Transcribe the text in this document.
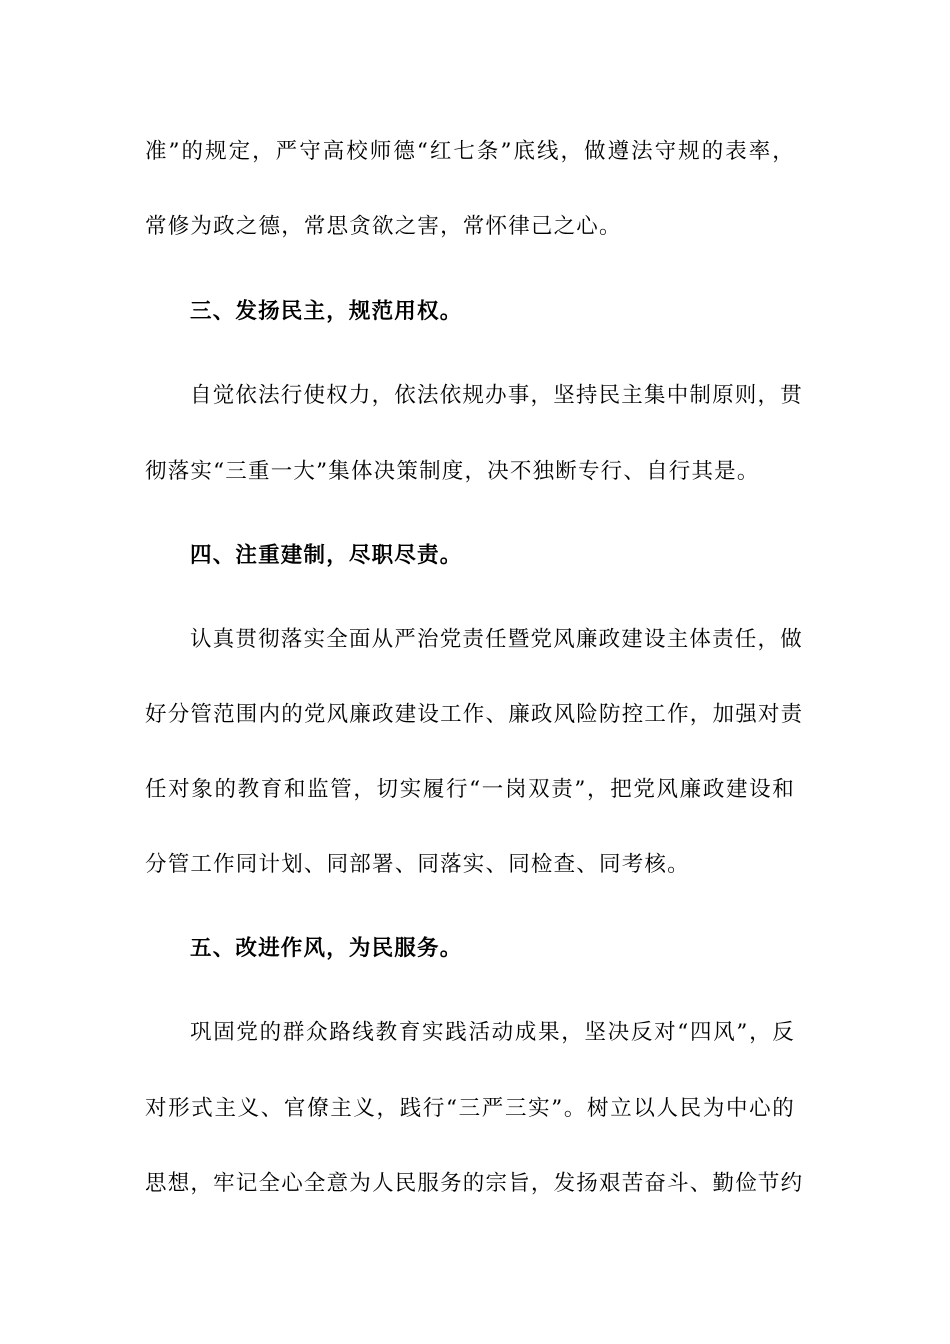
准”的规定，严守高校师德“红七条”底线，做遵法守规的表率，
常修为政之德，常思贪欲之害，常怀律己之心。
三、发扬民主，规范用权。
自觉依法行使权力，依法依规办事，坚持民主集中制原则，贯
彻落实“三重一大”集体决策制度，决不独断专行、自行其是。
四、注重建制，尽职尽责。
认真贯彻落实全面从严治党责任暨党风廉政建设主体责任，做
好分管范围内的党风廉政建设工作、廉政风险防控工作，加强对责
任对象的教育和监管，切实履行“一岗双责”，把党风廉政建设和
分管工作同计划、同部署、同落实、同检查、同考核。
五、改进作风，为民服务。
巩固党的群众路线教育实践活动成果，坚决反对“四风”，反
对形式主义、官僚主义，践行“三严三实”。树立以人民为中心的
思想，牢记全心全意为人民服务的宗旨，发扬艰苦奋斗、勤俭节约
